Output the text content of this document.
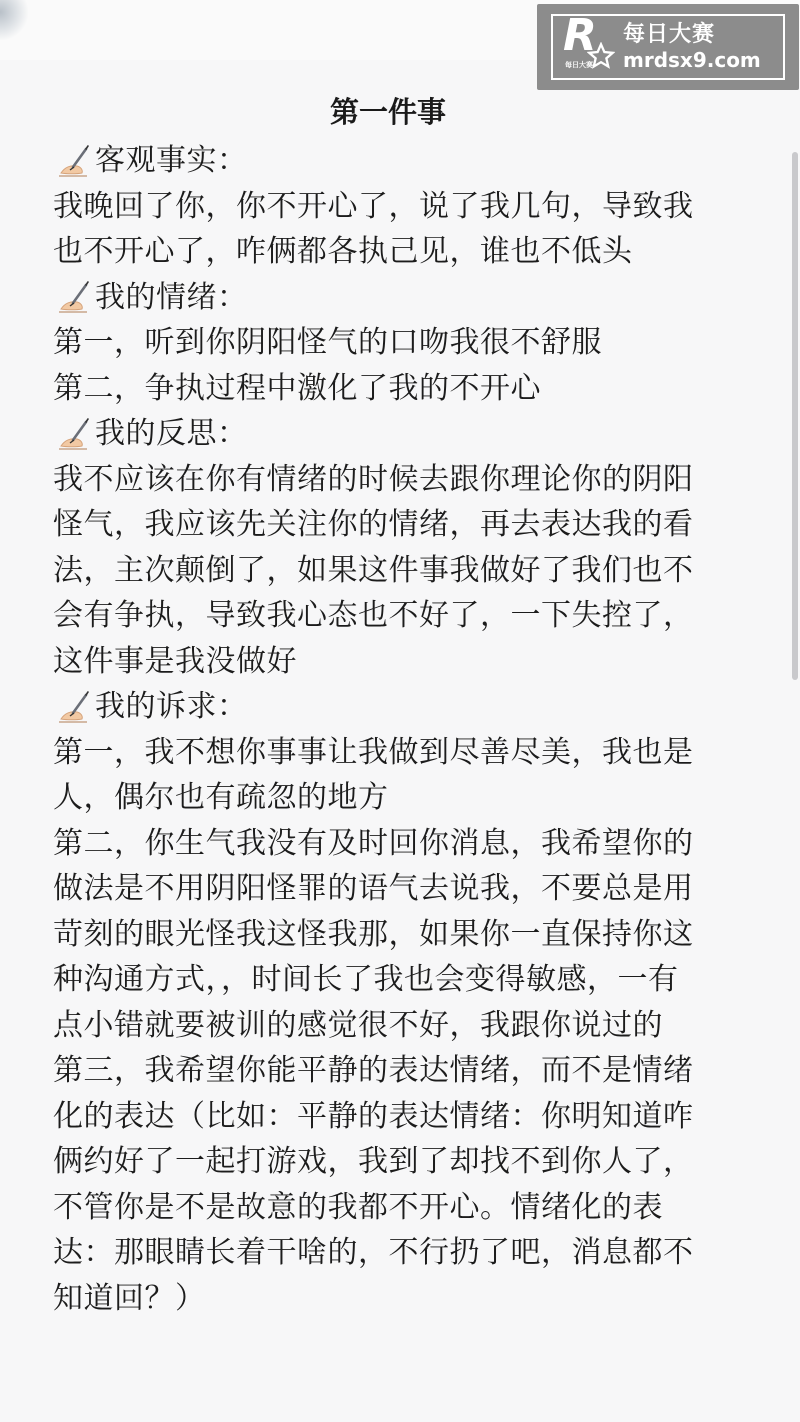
R
每日大赛
每日大赛
mrdsx9.com
第一件事
客观事实：
我晚回了你，你不开心了，说了我几句，导致我
也不开心了，咋俩都各执己见，谁也不低头
我的情绪：
第一，听到你阴阳怪气的口吻我很不舒服
第二，争执过程中激化了我的不开心
我的反思：
我不应该在你有情绪的时候去跟你理论你的阴阳
怪气，我应该先关注你的情绪，再去表达我的看
法，主次颠倒了，如果这件事我做好了我们也不
会有争执，导致我心态也不好了，一下失控了，
这件事是我没做好
我的诉求：
第一，我不想你事事让我做到尽善尽美，我也是
人，偶尔也有疏忽的地方
第二，你生气我没有及时回你消息，我希望你的
做法是不用阴阳怪罪的语气去说我，不要总是用
苛刻的眼光怪我这怪我那，如果你一直保持你这
种沟通方式，，时间长了我也会变得敏感，一有
点小错就要被训的感觉很不好，我跟你说过的
第三，我希望你能平静的表达情绪，而不是情绪
化的表达（比如：平静的表达情绪：你明知道咋
俩约好了一起打游戏，我到了却找不到你人了，
不管你是不是故意的我都不开心。情绪化的表
达：那眼睛长着干啥的，不行扔了吧，消息都不
知道回？）
